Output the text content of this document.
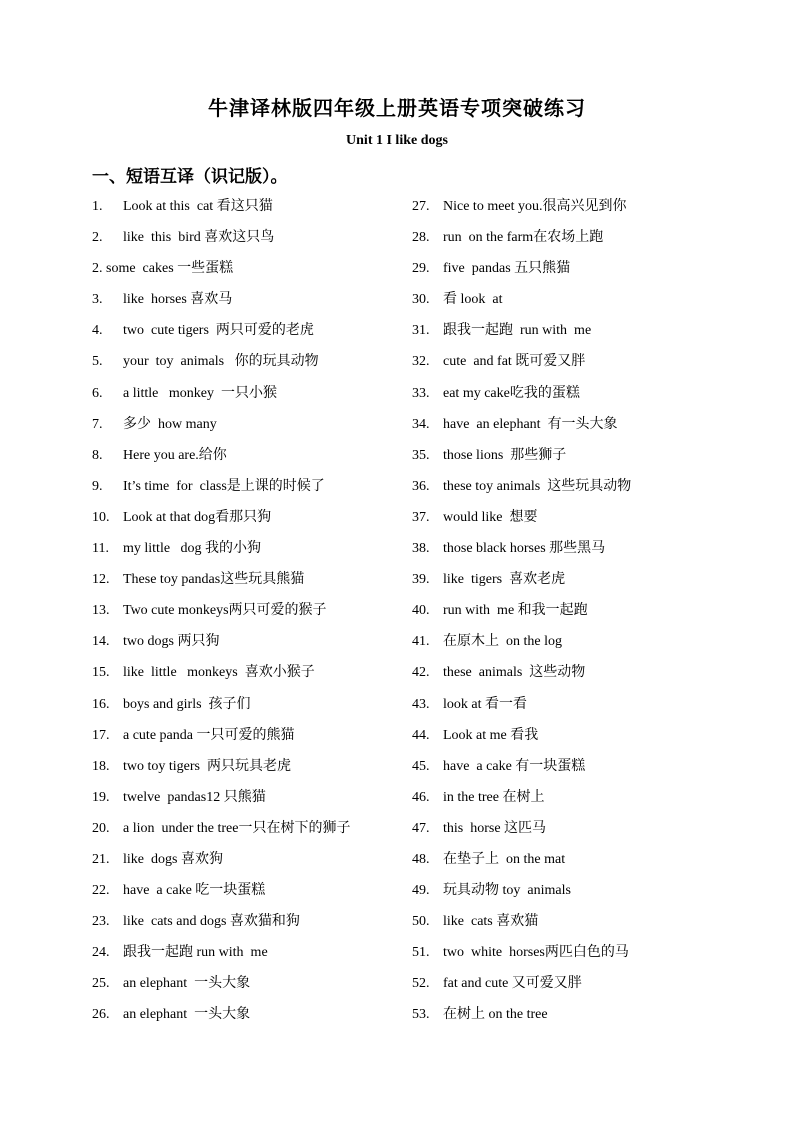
牛津译林版四年级上册英语专项突破练习
Unit 1 I like dogs
一、短语互译（识记版）。
1. Look at this  cat 看这只猫
2. like  this  bird 喜欢这只鸟
2. some  cakes 一些蛋糕
3. like  horses 喜欢马
4. two  cute tigers  两只可爱的老虎
5. your  toy  animals   你的玩具动物
6. a little   monkey  一只小猴
7. 多少  how many
8. Here you are.给你
9. It’s time  for  class是上课的时候了
10. Look at that dog看那只狗
11. my little   dog 我的小狗
12. These toy pandas这些玩具熊猫
13. Two cute monkeys两只可爱的猴子
14. two dogs 两只狗
15. like  little   monkeys  喜欢小猴子
16. boys and girls  孩子们
17. a cute panda 一只可爱的熊猫
18. two toy tigers  两只玩具老虎
19. twelve  pandas12 只熊猫
20. a lion  under the tree一只在树下的狮子
21. like  dogs 喜欢狗
22. have  a cake 吃一块蛋糕
23. like  cats and dogs 喜欢猫和狗
24. 跟我一起跑 run with  me
25. an elephant  一头大象
26. an elephant  一头大象
27. Nice to meet you.很高兴见到你
28. run  on the farm在农场上跑
29. five  pandas 五只熊猫
30. 看 look  at
31. 跟我一起跑  run with  me
32. cute  and fat 既可爱又胖
33. eat my cake吃我的蛋糕
34. have  an elephant  有一头大象
35. those lions  那些狮子
36. these toy animals  这些玩具动物
37. would like  想要
38. those black horses 那些黑马
39. like  tigers  喜欢老虎
40. run with  me 和我一起跑
41. 在原木上  on the log
42. these  animals  这些动物
43. look at 看一看
44. Look at me 看我
45. have  a cake 有一块蛋糕
46. in the tree 在树上
47. this  horse 这匹马
48. 在垫子上  on the mat
49. 玩具动物 toy  animals
50. like  cats 喜欢猫
51. two  white  horses两匹白色的马
52. fat and cute 又可爱又胖
53. 在树上 on the tree
